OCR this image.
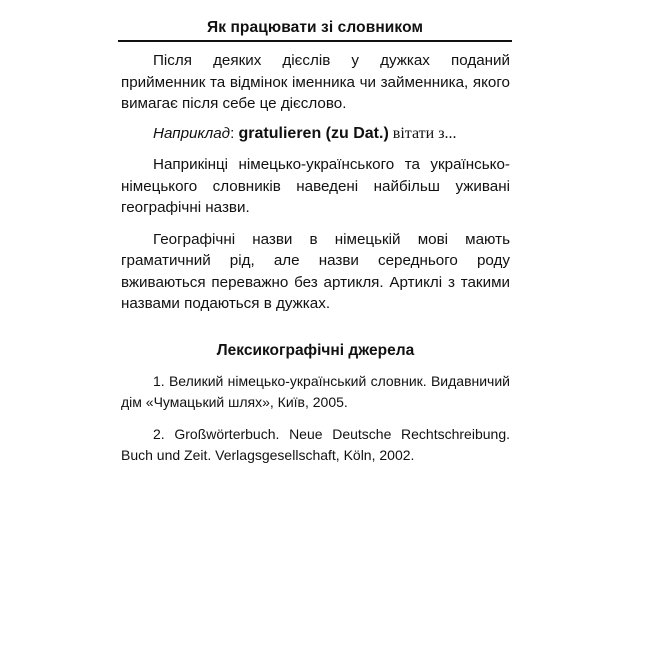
Як працювати зі словником

Після деяких дієслів у дужках поданий прийменник та відмінок іменника чи займенника, якого вимагає після себе це дієслово.

Наприклад: gratulieren (zu Dat.) вітати з...

Наприкінці німецько-українського та українсько-німецького словників наведені найбільш уживані географічні назви.

Географічні назви в німецькій мові мають граматичний рід, але назви середнього роду вживаються переважно без артикля. Артиклі з такими назвами подаються в дужках.

Лексикографічні джерела

1. Великий німецько-український словник. Видавничий дім «Чумацький шлях», Київ, 2005.

2. Großwörterbuch. Neue Deutsche Rechtschreibung. Buch und Zeit. Verlagsgesellschaft, Köln, 2002.
